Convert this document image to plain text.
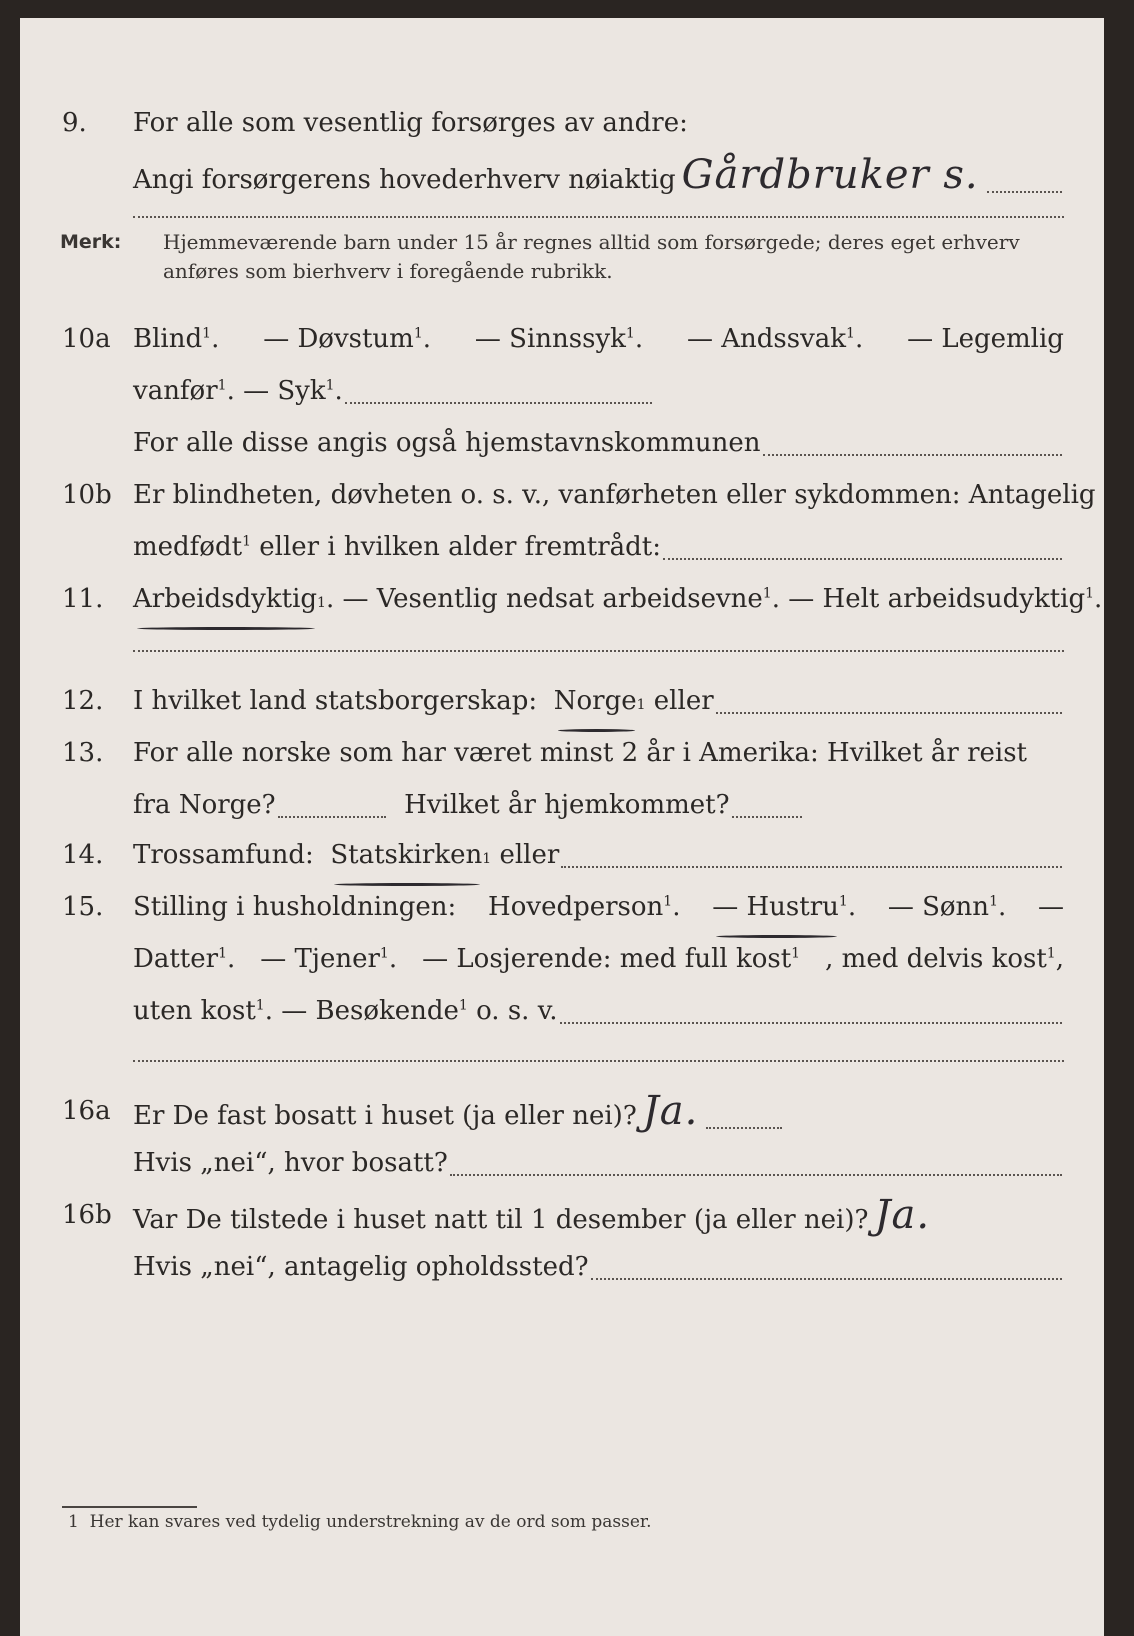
9. For alle som vesentlig forsørges av andre:
Angi forsørgerens hovederhverv nøiaktig Gårdbruker s.
Merk: Hjemmeværende barn under 15 år regnes alltid som forsørgede; deres eget erhverv
anføres som bierhverv i foregående rubrikk.
10a Blind$^1$. — Døvstum$^1$. — Sinnssyk$^1$. — Andssvak$^1$. — Legemlig
vanfør$^1$. — Syk$^1$.
For alle disse angis også hjemstavnskommunen
10b Er blindheten, døvheten o. s. v., vanførheten eller sykdommen: Antagelig
medfødt$^1$ eller i hvilken alder fremtrådt:
11. Arbeidsdyktig 1 .
— Vesentlig nedsat arbeidsevne$^1$. — Helt arbeidsudyktig$^1$.
12. I hvilket land statsborgerskap:
Norge 1
eller
13. For alle norske som har været minst 2 år i Amerika: Hvilket år reist
fra Norge?
	Hvilket år hjemkommet?
14. Trossamfund:
Statskirken 1
eller
15. Stilling i husholdningen: Hovedperson$^1$. — Hustru$^1$. — Sønn$^1$. —
Datter$^1$. — Tjener$^1$. — Losjerende: med full kost$^1$ , med delvis kost$^1$,
uten kost$^1$. — Besøkende$^1$ o. s. v.
16a Er De fast bosatt i huset (ja eller nei)? Ja.
Hvis „nei“, hvor bosatt?
16b Var De tilstede i huset natt til 1 desember (ja eller nei)? Ja.
Hvis „nei“, antagelig opholdssted?
1 Her kan svares ved tydelig understrekning av de ord som passer.
